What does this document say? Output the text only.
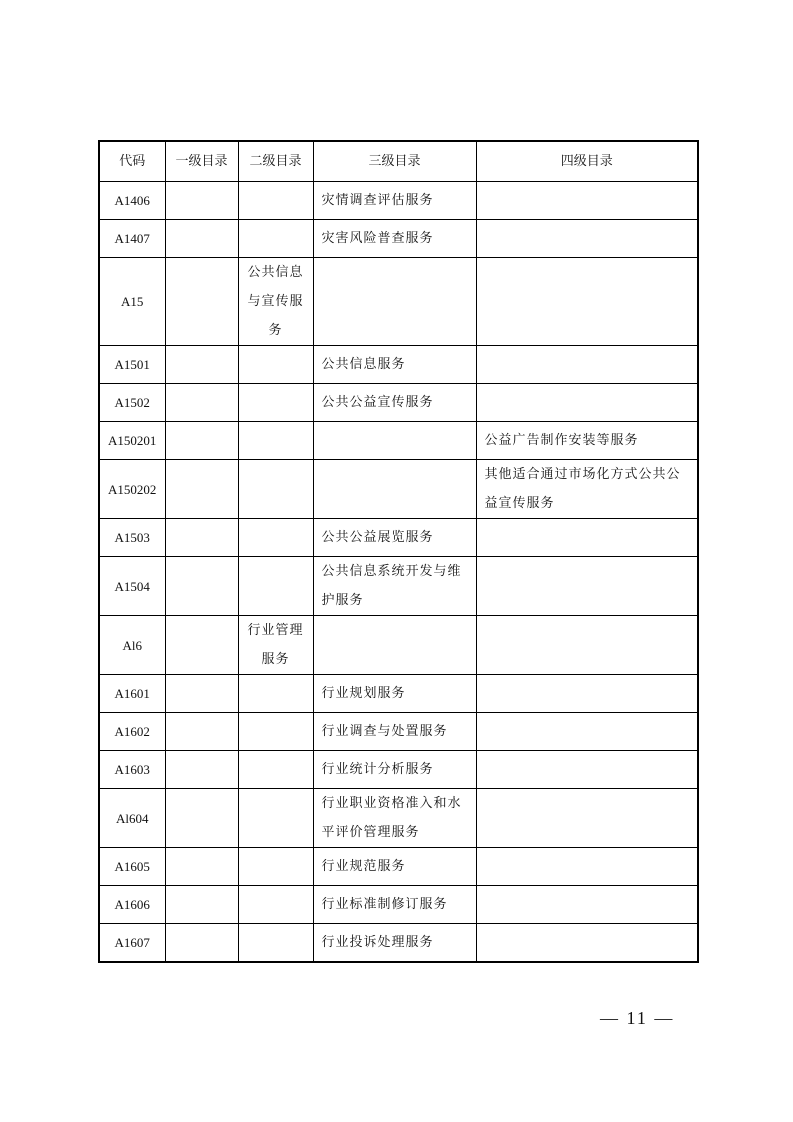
代码	一级目录	二级目录	三级目录	四级目录
A1406			灾情调查评估服务	
A1407			灾害风险普查服务	
A15		公共信息与宣传服务		
A1501			公共信息服务	
A1502			公共公益宣传服务	
A150201				公益广告制作安装等服务
A150202				其他适合通过市场化方式公共公益宣传服务
A1503			公共公益展览服务	
A1504			公共信息系统开发与维护服务	
Al6		行业管理服务		
A1601			行业规划服务	
A1602			行业调查与处置服务	
A1603			行业统计分析服务	
Al604			行业职业资格准入和水平评价管理服务	
A1605			行业规范服务	
A1606			行业标准制修订服务	
A1607			行业投诉处理服务	
— 11 —
